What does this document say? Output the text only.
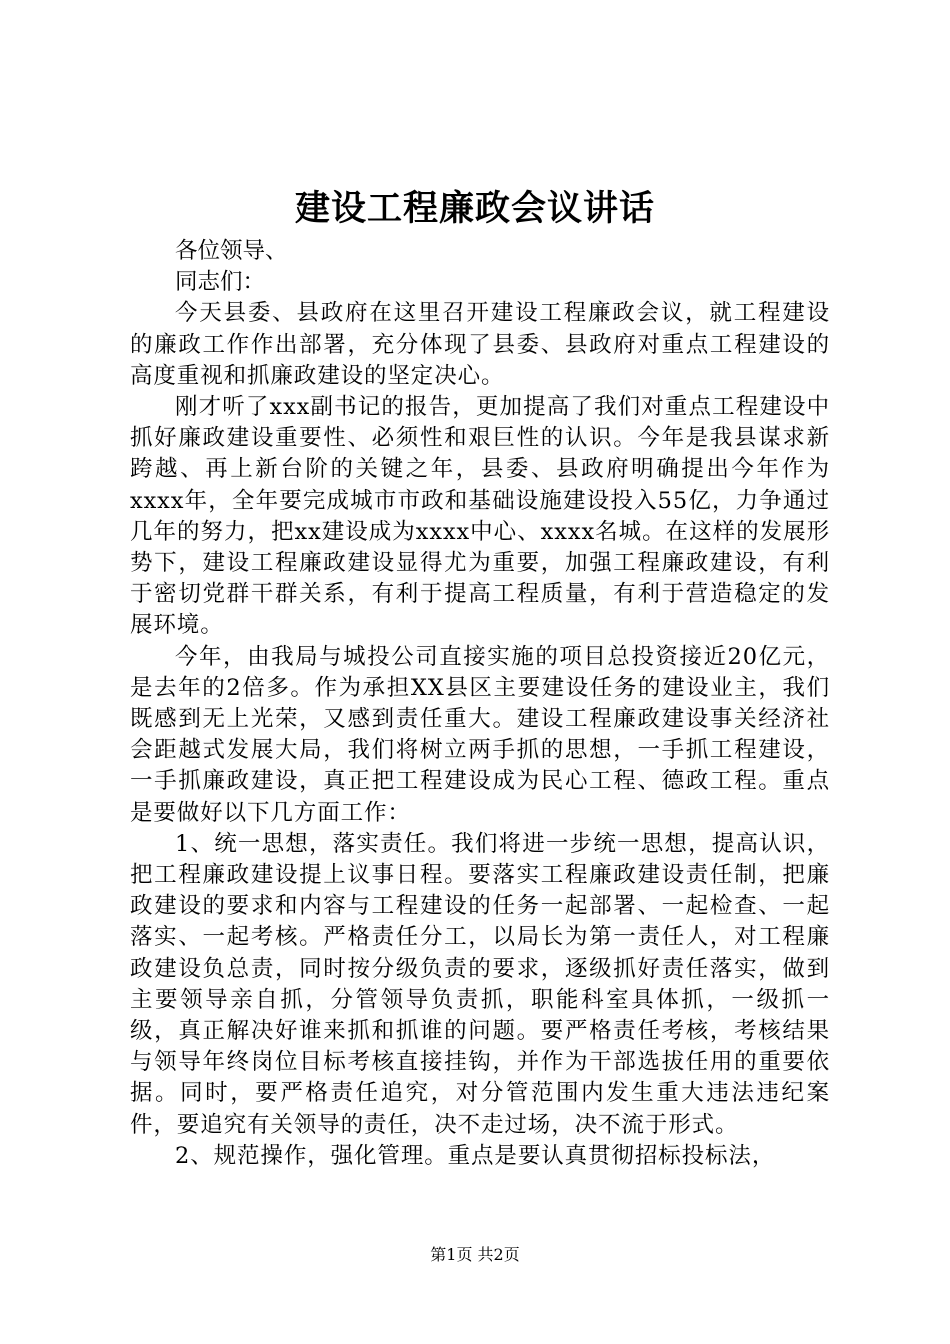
建设工程廉政会议讲话

各位领导、

同志们：

今天县委、县政府在这里召开建设工程廉政会议，就工程建设的廉政工作作出部署，充分体现了县委、县政府对重点工程建设的高度重视和抓廉政建设的坚定决心。

刚才听了xxx副书记的报告，更加提高了我们对重点工程建设中抓好廉政建设重要性、必须性和艰巨性的认识。今年是我县谋求新跨越、再上新台阶的关键之年，县委、县政府明确提出今年作为xxxx年，全年要完成城市市政和基础设施建设投入55亿，力争通过几年的努力，把xx建设成为xxxx中心、xxxx名城。在这样的发展形势下，建设工程廉政建设显得尤为重要，加强工程廉政建设，有利于密切党群干群关系，有利于提高工程质量，有利于营造稳定的发展环境。

今年，由我局与城投公司直接实施的项目总投资接近20亿元，是去年的2倍多。作为承担XX县区主要建设任务的建设业主，我们既感到无上光荣，又感到责任重大。建设工程廉政建设事关经济社会距越式发展大局，我们将树立两手抓的思想，一手抓工程建设，一手抓廉政建设，真正把工程建设成为民心工程、德政工程。重点是要做好以下几方面工作：

1、统一思想，落实责任。我们将进一步统一思想，提高认识，把工程廉政建设提上议事日程。要落实工程廉政建设责任制，把廉政建设的要求和内容与工程建设的任务一起部署、一起检查、一起落实、一起考核。严格责任分工，以局长为第一责任人，对工程廉政建设负总责，同时按分级负责的要求，逐级抓好责任落实，做到主要领导亲自抓，分管领导负责抓，职能科室具体抓，一级抓一级，真正解决好谁来抓和抓谁的问题。要严格责任考核，考核结果与领导年终岗位目标考核直接挂钩，并作为干部选拔任用的重要依据。同时，要严格责任追究，对分管范围内发生重大违法违纪案件，要追究有关领导的责任，决不走过场，决不流于形式。

2、规范操作，强化管理。重点是要认真贯彻招标投标法，

第1页 共2页
